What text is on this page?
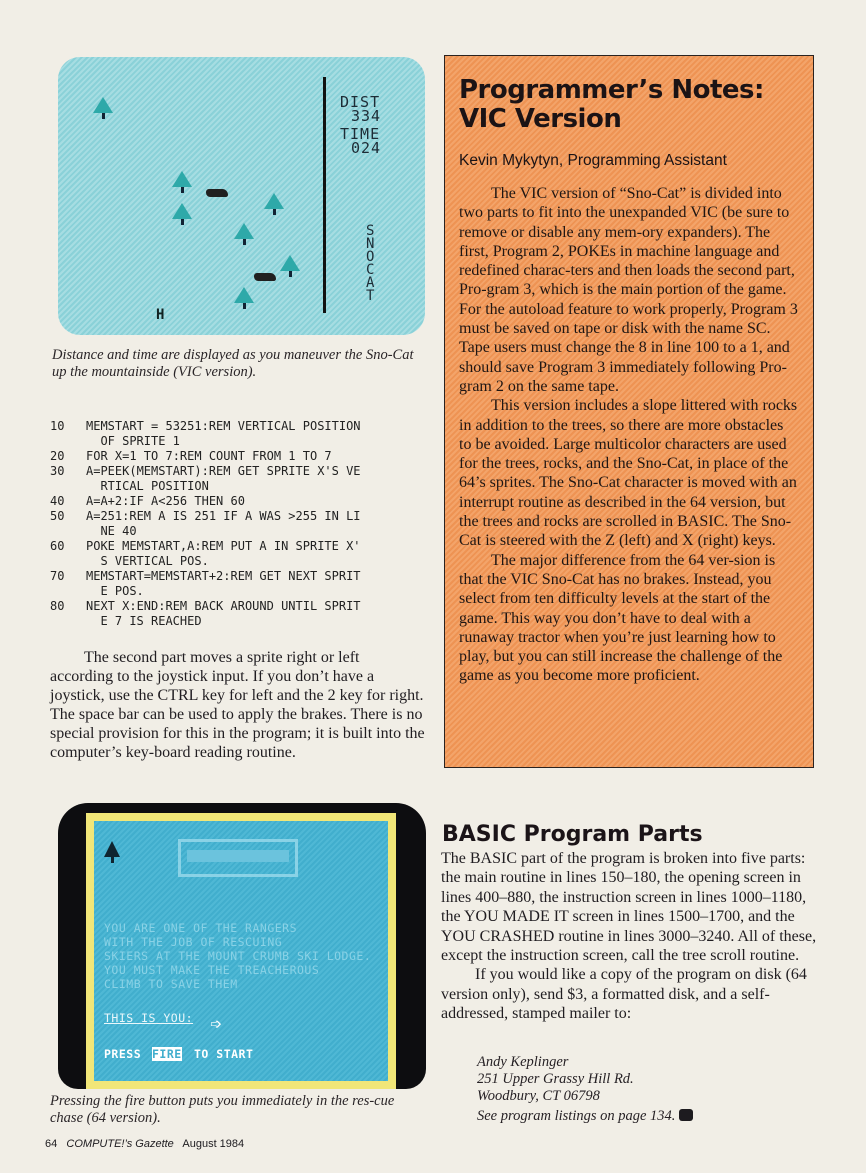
H
DIST
334
TIME
024
S
N
O
C
A
T
Distance and time are displayed as you maneuver the Sno-Cat up the mountainside (VIC version).
10	MEMSTART = 53251:REM VERTICAL POSITION
OF SPRITE 1
20	FOR X=1 TO 7:REM COUNT FROM 1 TO 7
30	A=PEEK(MEMSTART):REM GET SPRITE X'S VE
RTICAL POSITION
40	A=A+2:IF A<256 THEN 60
50	A=251:REM A IS 251 IF A WAS >255 IN LI
NE 40
60	POKE MEMSTART,A:REM PUT A IN SPRITE X'
S VERTICAL POS.
70	MEMSTART=MEMSTART+2:REM GET NEXT SPRIT
E POS.
80	NEXT X:END:REM BACK AROUND UNTIL SPRIT
E 7 IS REACHED
The second part moves a sprite right or left according to the joystick input. If you don’t have a joystick, use the CTRL key for left and the 2 key for right. The space bar can be used to apply the brakes. There is no special provision for this in the program; it is built into the computer’s key-board reading routine.
Programmer’s Notes: VIC Version
Kevin Mykytyn, Programming Assistant

The VIC version of “Sno-Cat” is divided into two parts to fit into the unexpanded VIC (be sure to remove or disable any mem-ory expanders). The first, Program 2, POKEs in machine language and redefined charac-ters and then loads the second part, Pro-gram 3, which is the main portion of the game. For the autoload feature to work properly, Program 3 must be saved on tape or disk with the name SC. Tape users must change the 8 in line 100 to a 1, and should save Program 3 immediately following Pro-gram 2 on the same tape.

This version includes a slope littered with rocks in addition to the trees, so there are more obstacles to be avoided. Large multicolor characters are used for the trees, rocks, and the Sno-Cat, in place of the 64’s sprites. The Sno-Cat character is moved with an interrupt routine as described in the 64 version, but the trees and rocks are scrolled in BASIC. The Sno-Cat is steered with the Z (left) and X (right) keys.

The major difference from the 64 ver-sion is that the VIC Sno-Cat has no brakes. Instead, you select from ten difficulty levels at the start of the game. This way you don’t have to deal with a runaway tractor when you’re just learning how to play, but you can still increase the challenge of the game as you become more proficient.

YOU ARE ONE OF THE RANGERS
WITH THE JOB OF RESCUING
SKIERS AT THE MOUNT CRUMB SKI LODGE.
YOU MUST MAKE THE TREACHEROUS
CLIMB TO SAVE THEM
THIS IS YOU: ➩
PRESS FIRE TO START
Pressing the fire button puts you immediately in the res-cue chase (64 version).
BASIC Program Parts

The BASIC part of the program is broken into five parts: the main routine in lines 150–180, the opening screen in lines 400–880, the instruction screen in lines 1000–1180, the YOU MADE IT screen in lines 1500–1700, and the YOU CRASHED routine in lines 3000–3240. All of these, except the instruction screen, call the tree scroll routine.

If you would like a copy of the program on disk (64 version only), send $3, a formatted disk, and a self-addressed, stamped mailer to:

Andy Keplinger
251 Upper Grassy Hill Rd.
Woodbury, CT 06798
See program listings on page 134.
64 COMPUTE!’s Gazette August 1984
